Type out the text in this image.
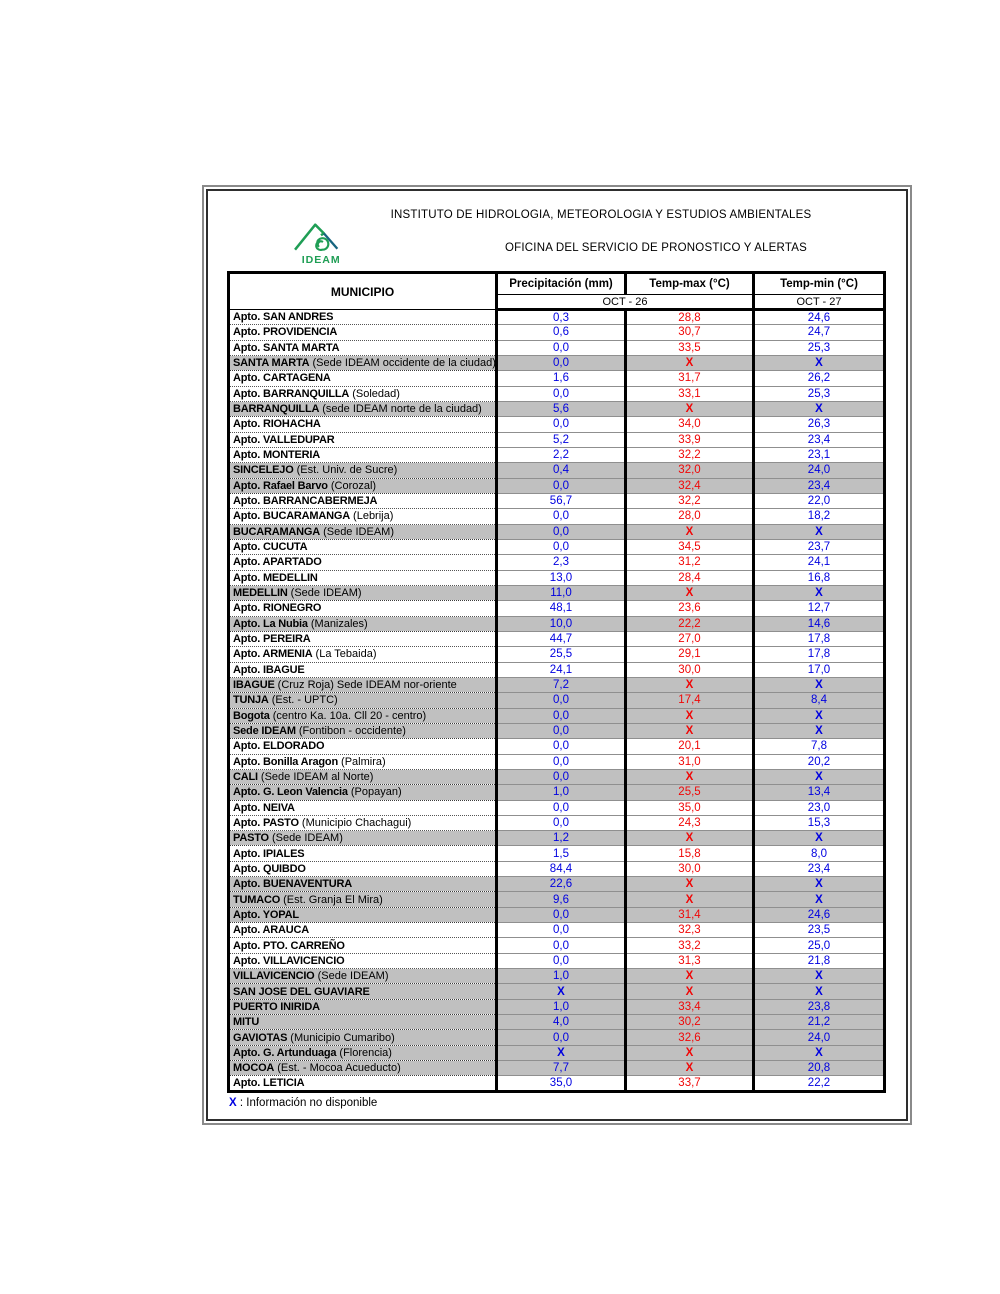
INSTITUTO DE HIDROLOGIA, METEOROLOGIA Y ESTUDIOS AMBIENTALES
OFICINA DEL SERVICIO DE PRONOSTICO Y ALERTAS
IDEAM
MUNICIPIO	Precipitación (mm)	Temp-max (°C)	Temp-min (°C)
	OCT - 26		OCT - 27
Apto. SAN ANDRES	0,3	28,8	24,6
Apto. PROVIDENCIA	0,6	30,7	24,7
Apto. SANTA MARTA	0,0	33,5	25,3
SANTA MARTA (Sede IDEAM occidente de la ciudad)	0,0	X	X
Apto. CARTAGENA	1,6	31,7	26,2
Apto. BARRANQUILLA (Soledad)	0,0	33,1	25,3
BARRANQUILLA (sede IDEAM norte de la ciudad)	5,6	X	X
Apto. RIOHACHA	0,0	34,0	26,3
Apto. VALLEDUPAR	5,2	33,9	23,4
Apto. MONTERIA	2,2	32,2	23,1
SINCELEJO (Est. Univ. de Sucre)	0,4	32,0	24,0
Apto. Rafael Barvo (Corozal)	0,0	32,4	23,4
Apto. BARRANCABERMEJA	56,7	32,2	22,0
Apto. BUCARAMANGA (Lebrija)	0,0	28,0	18,2
BUCARAMANGA (Sede IDEAM)	0,0	X	X
Apto. CUCUTA	0,0	34,5	23,7
Apto. APARTADO	2,3	31,2	24,1
Apto. MEDELLIN	13,0	28,4	16,8
MEDELLIN (Sede IDEAM)	11,0	X	X
Apto. RIONEGRO	48,1	23,6	12,7
Apto. La Nubia (Manizales)	10,0	22,2	14,6
Apto. PEREIRA	44,7	27,0	17,8
Apto. ARMENIA (La Tebaida)	25,5	29,1	17,8
Apto. IBAGUE	24,1	30,0	17,0
IBAGUE (Cruz Roja) Sede IDEAM nor-oriente	7,2	X	X
TUNJA (Est. - UPTC)	0,0	17,4	8,4
Bogota (centro Ka. 10a. Cll 20 - centro)	0,0	X	X
Sede IDEAM (Fontibon - occidente)	0,0	X	X
Apto. ELDORADO	0,0	20,1	7,8
Apto. Bonilla Aragon (Palmira)	0,0	31,0	20,2
CALI (Sede IDEAM al Norte)	0,0	X	X
Apto. G. Leon Valencia (Popayan)	1,0	25,5	13,4
Apto. NEIVA	0,0	35,0	23,0
Apto. PASTO (Municipio Chachagui)	0,0	24,3	15,3
PASTO (Sede IDEAM)	1,2	X	X
Apto. IPIALES	1,5	15,8	8,0
Apto. QUIBDO	84,4	30,0	23,4
Apto. BUENAVENTURA	22,6	X	X
TUMACO (Est. Granja El Mira)	9,6	X	X
Apto. YOPAL	0,0	31,4	24,6
Apto. ARAUCA	0,0	32,3	23,5
Apto. PTO. CARREÑO	0,0	33,2	25,0
Apto. VILLAVICENCIO	0,0	31,3	21,8
VILLAVICENCIO (Sede IDEAM)	1,0	X	X
SAN JOSE DEL GUAVIARE	X	X	X
PUERTO INIRIDA	1,0	33,4	23,8
MITU	4,0	30,2	21,2
GAVIOTAS (Municipio Cumaribo)	0,0	32,6	24,0
Apto. G. Artunduaga (Florencia)	X	X	X
MOCOA (Est. - Mocoa Acueducto)	7,7	X	20,8
Apto. LETICIA	35,0	33,7	22,2
X : Información no disponible
